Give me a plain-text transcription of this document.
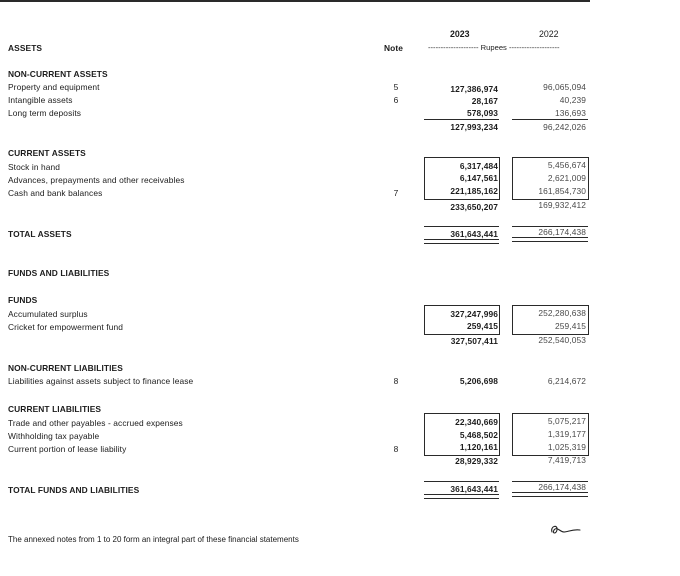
2023	2022
ASSETS	Note	-------------------- Rupees --------------------
NON-CURRENT ASSETS
Property and equipment	5	127,386,974	96,065,094
Intangible assets	6	28,167	40,239
Long term deposits	578,093	136,693
127,993,234	96,242,026
CURRENT ASSETS
Stock in hand	6,317,484	5,456,674
Advances, prepayments and other receivables	6,147,561	2,621,009
Cash and bank balances	7	221,185,162	161,854,730
233,650,207	169,932,412
TOTAL ASSETS	361,643,441	266,174,438
FUNDS AND LIABILITIES
FUNDS
Accumulated surplus	327,247,996	252,280,638
Cricket for empowerment fund	259,415	259,415
327,507,411	252,540,053
NON-CURRENT LIABILITIES
Liabilities against assets subject to finance lease	8	5,206,698	6,214,672
CURRENT LIABILITIES
Trade and other payables - accrued expenses	22,340,669	5,075,217
Withholding tax payable	5,468,502	1,319,177
Current portion of lease liability	8	1,120,161	1,025,319
28,929,332	7,419,713
TOTAL FUNDS AND LIABILITIES	361,643,441	266,174,438
The annexed notes from 1 to 20 form an integral part of these financial statements
